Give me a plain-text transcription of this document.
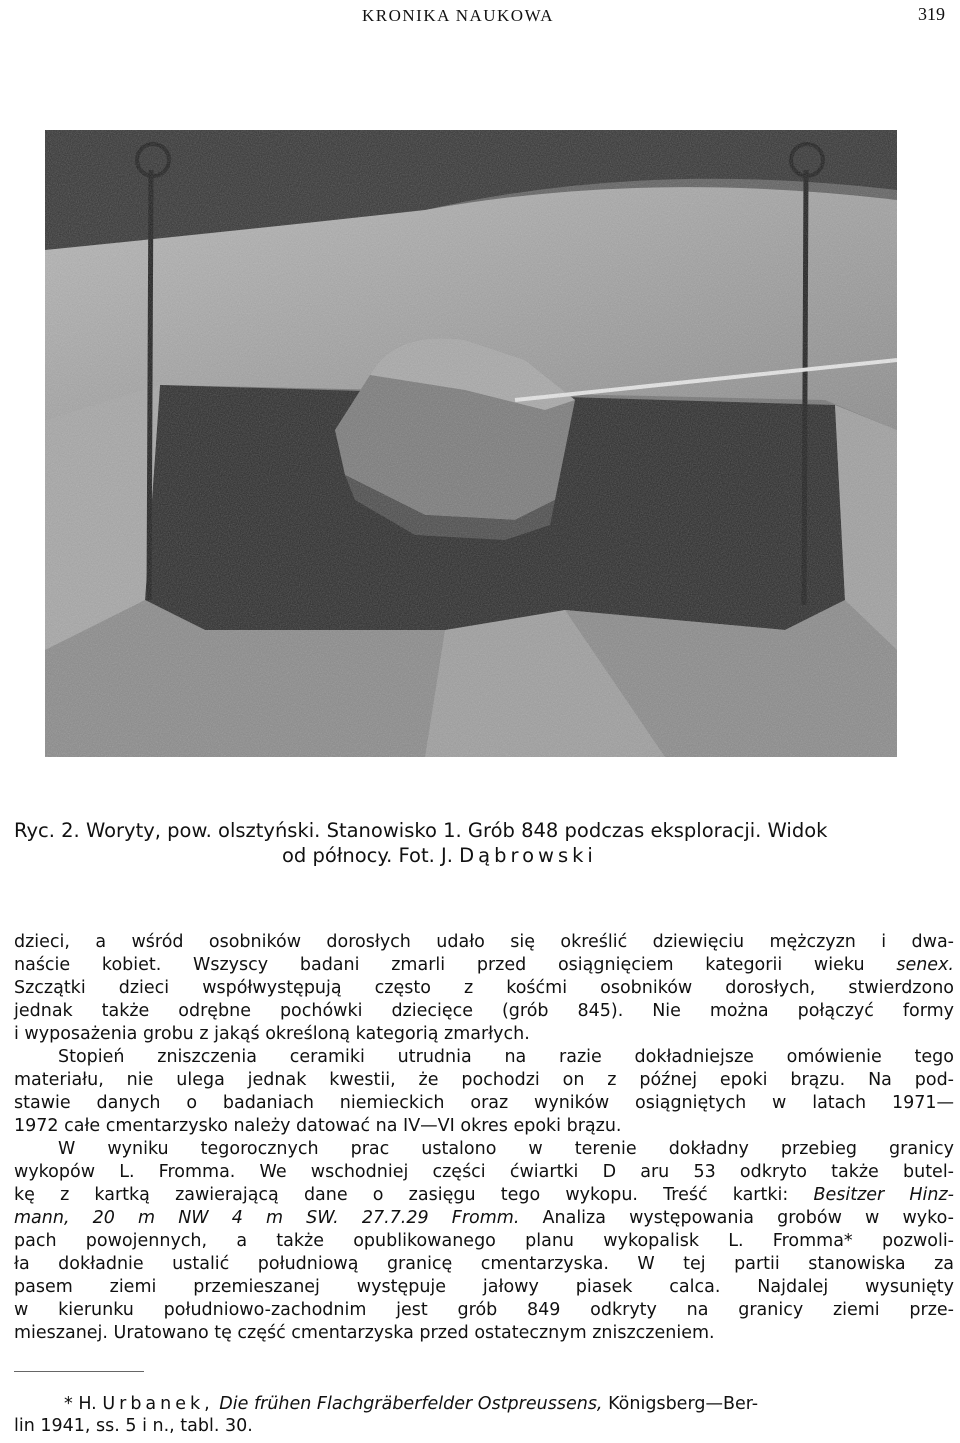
KRONIKA NAUKOWA	319
Ryc. 2. Woryty, pow. olsztyński. Stanowisko 1. Grób 848 podczas eksploracji. Widok
od północy. Fot. J. Dąbrowski
dzieci, a wśród osobników dorosłych udało się określić dziewięciu mężczyzn i dwa-
naście kobiet. Wszyscy badani zmarli przed osiągnięciem kategorii wieku senex.
Szczątki dzieci współwystępują często z kośćmi osobników dorosłych, stwierdzono
jednak także odrębne pochówki dziecięce (grób 845). Nie można połączyć formy
i wyposażenia grobu z jakąś określoną kategorią zmarłych.
Stopień zniszczenia ceramiki utrudnia na razie dokładniejsze omówienie tego
materiału, nie ulega jednak kwestii, że pochodzi on z późnej epoki brązu. Na pod-
stawie danych o badaniach niemieckich oraz wyników osiągniętych w latach 1971—
1972 całe cmentarzysko należy datować na IV—VI okres epoki brązu.
W wyniku tegorocznych prac ustalono w terenie dokładny przebieg granicy
wykopów L. Fromma. We wschodniej części ćwiartki D aru 53 odkryto także butel-
kę z kartką zawierającą dane o zasięgu tego wykopu. Treść kartki: Besitzer Hinz-
mann, 20 m NW 4 m SW. 27.7.29 Fromm. Analiza występowania grobów w wyko-
pach powojennych, a także opublikowanego planu wykopalisk L. Fromma* pozwoli-
ła dokładnie ustalić południową granicę cmentarzyska. W tej partii stanowiska za
pasem ziemi przemieszanej występuje jałowy piasek calca. Najdalej wysunięty
w kierunku południowo-zachodnim jest grób 849 odkryty na granicy ziemi prze-
mieszanej. Uratowano tę część cmentarzyska przed ostatecznym zniszczeniem.
* H. Urbanek, Die frühen Flachgräberfelder Ostpreussens, Königsberg—Ber-
lin 1941, ss. 5 i n., tabl. 30.
